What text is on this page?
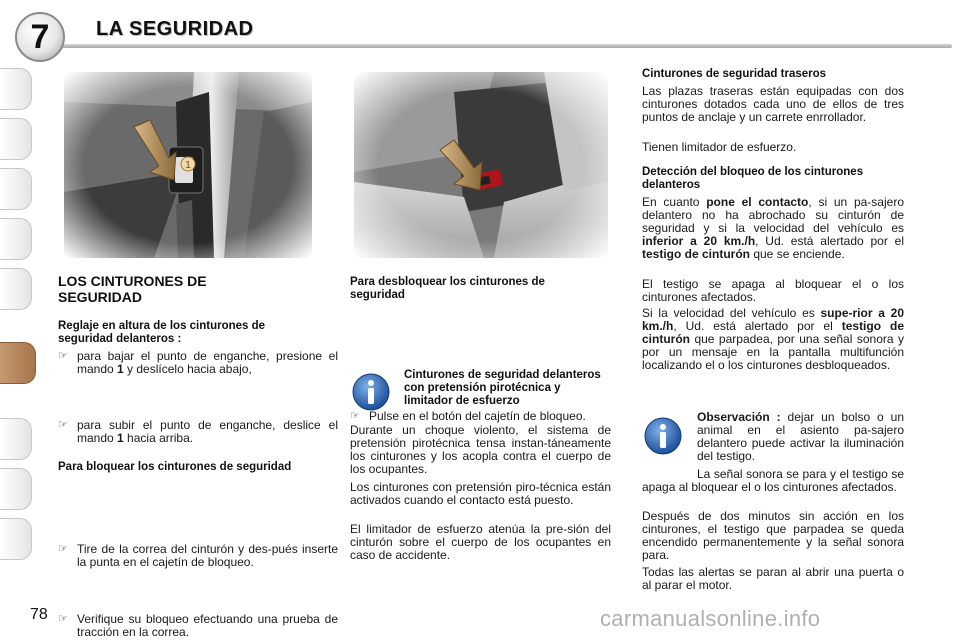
7	LA SEGURIDAD
LOS CINTURONES DE SEGURIDAD
Reglaje en altura de los cinturones de seguridad delanteros :
☞ para bajar el punto de enganche, presione el mando 1 y deslícelo hacia abajo,
☞ para subir el punto de enganche, deslice el mando 1 hacia arriba.
Para bloquear los cinturones de seguridad
☞ Tire de la correa del cinturón y des-pués inserte la punta en el cajetín de bloqueo.
☞ Verifique su bloqueo efectuando una prueba de tracción en la correa.
Para desbloquear los cinturones de seguridad
☞ Pulse en el botón del cajetín de bloqueo.
Cinturones de seguridad delanteros con pretensión pirotécnica y limitador de esfuerzo
Durante un choque violento, el sistema de pretensión pirotécnica tensa instan-táneamente los cinturones y los acopla contra el cuerpo de los ocupantes.
Los cinturones con pretensión piro-técnica están activados cuando el contacto está puesto.
El limitador de esfuerzo atenúa la pre-sión del cinturón sobre el cuerpo de los ocupantes en caso de accidente.
Cinturones de seguridad traseros
Las plazas traseras están equipadas con dos cinturones dotados cada uno de ellos de tres puntos de anclaje y un carrete enrrollador.
Tienen limitador de esfuerzo.
Detección del bloqueo de los cinturones delanteros
En cuanto pone el contacto, si un pa-sajero delantero no ha abrochado su cinturón de seguridad y si la velocidad del vehículo es inferior a 20 km./h, Ud. está alertado por el testigo de cinturón que se enciende.
El testigo se apaga al bloquear el o los cinturones afectados.
Si la velocidad del vehículo es supe-rior a 20 km./h, Ud. está alertado por el testigo de cinturón que parpadea, por una señal sonora y por un mensaje en la pantalla multifunción localizando el o los cinturones desbloqueados.
Observación : dejar un bolso o un animal en el asiento pa-sajero delantero puede activar la iluminación del testigo.
La señal sonora se para y el testigo se apaga al bloquear el o los cinturones afectados.
Después de dos minutos sin acción en los cinturones, el testigo que parpadea se queda encendido permanentemente y la señal sonora para.
Todas las alertas se paran al abrir una puerta o al parar el motor.
78	carmanualsonline.info
